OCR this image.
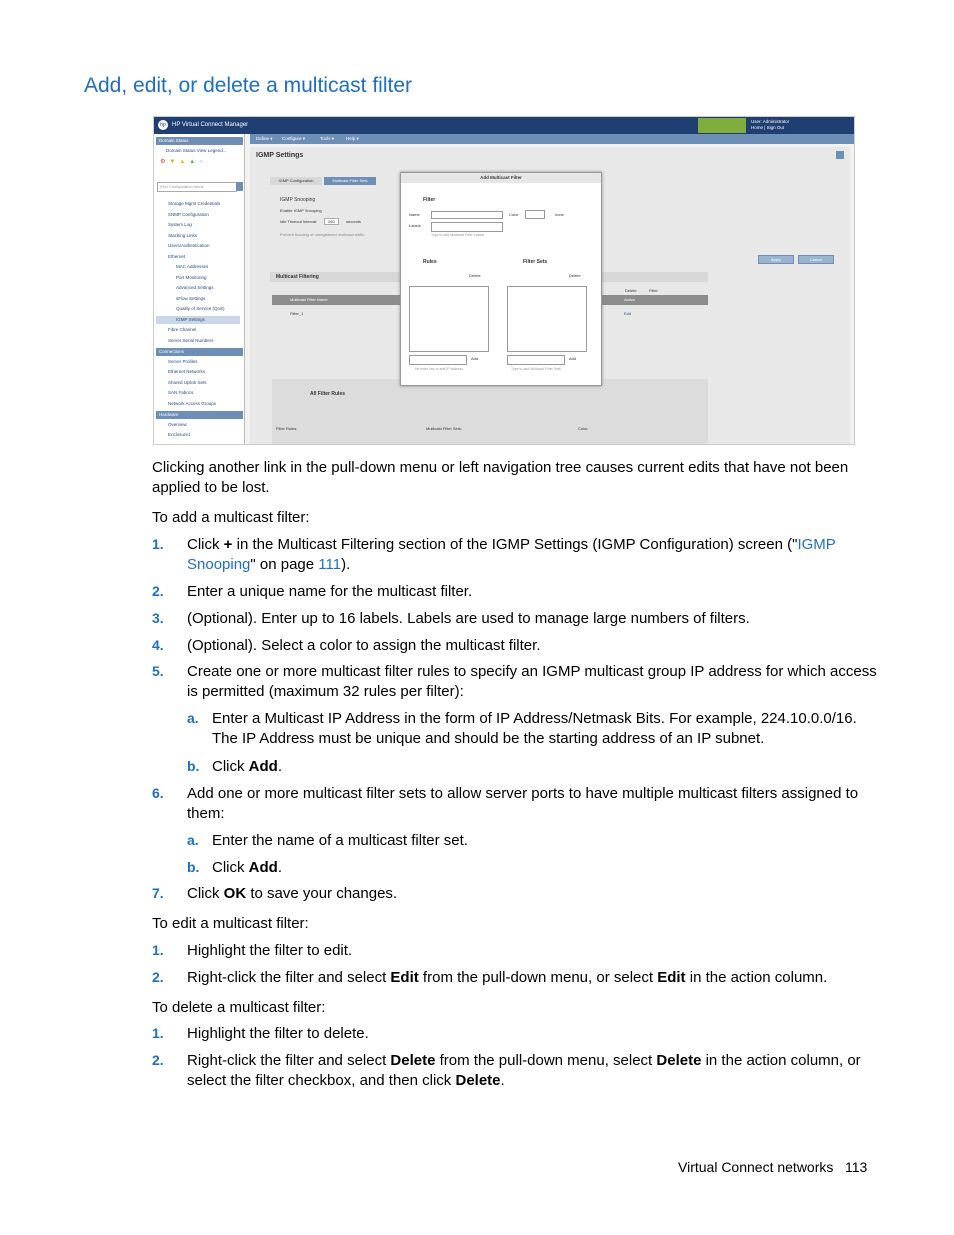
Add, edit, or delete a multicast filter
hp	HP Virtual Connect Manager
User: Administrator
Home | Sign Out
Define ▾ Configure ▾	Tools ▾	Help ▾
Domain Status
Domain Status View Legend...
⚙▼▲▲○
Find Configuration Items
Storage Mgmt Credentials
SNMP Configuration
System Log
Stacking Links
Users/Authentication
Ethernet
MAC Addresses
Port Monitoring
Advanced Settings
sFlow Settings
Quality of Service (QoS)
IGMP Settings
Fibre Channel
Server Serial Numbers
Connections
Server Profiles
Ethernet Networks
Shared Uplink Sets
SAN Fabrics
Network Access Groups
Hardware
Overview
Enclosure1
IGMP Settings
IGMP Configuration	Multicast Filter Sets
IGMP Snooping
Enable IGMP Snooping
Idle Timeout Interval:	260	seconds
Prevent flooding of unregistered multicast traffic
Multicast Filtering
Delete	Filter
Multicast Filter Name	Action
Filter_1	Edit
All Filter Rules
Filter Rules:	Multicast Filter Sets:	Color:
Apply	Cancel
Add Multicast Filter
Filter
Name	Color	none
Labels
Type to add Multicast Filter Labels
Rules
Delete
Add
Hit enter key to add IP address
Filter Sets
Delete
Add
Type to add Multicast Filter Sets
Clicking another link in the pull-down menu or left navigation tree causes current edits that have not been applied to be lost.
To add a multicast filter:
1. Click + in the Multicast Filtering section of the IGMP Settings (IGMP Configuration) screen ("IGMP
Snooping" on page 111).
2. Enter a unique name for the multicast filter.
3. (Optional). Enter up to 16 labels. Labels are used to manage large numbers of filters.
4. (Optional). Select a color to assign the multicast filter.
5. Create one or more multicast filter rules to specify an IGMP multicast group IP address for which access
is permitted (maximum 32 rules per filter):
a. Enter a Multicast IP Address in the form of IP Address/Netmask Bits. For example, 224.10.0.0/16.
The IP Address must be unique and should be the starting address of an IP subnet.
b. Click Add.
6. Add one or more multicast filter sets to allow server ports to have multiple multicast filters assigned to
them:
a. Enter the name of a multicast filter set.
b. Click Add.
7. Click OK to save your changes.
To edit a multicast filter:
1. Highlight the filter to edit.
2. Right-click the filter and select Edit from the pull-down menu, or select Edit in the action column.
To delete a multicast filter:
1. Highlight the filter to delete.
2. Right-click the filter and select Delete from the pull-down menu, select Delete in the action column, or
select the filter checkbox, and then click Delete.
Virtual Connect networks 113
